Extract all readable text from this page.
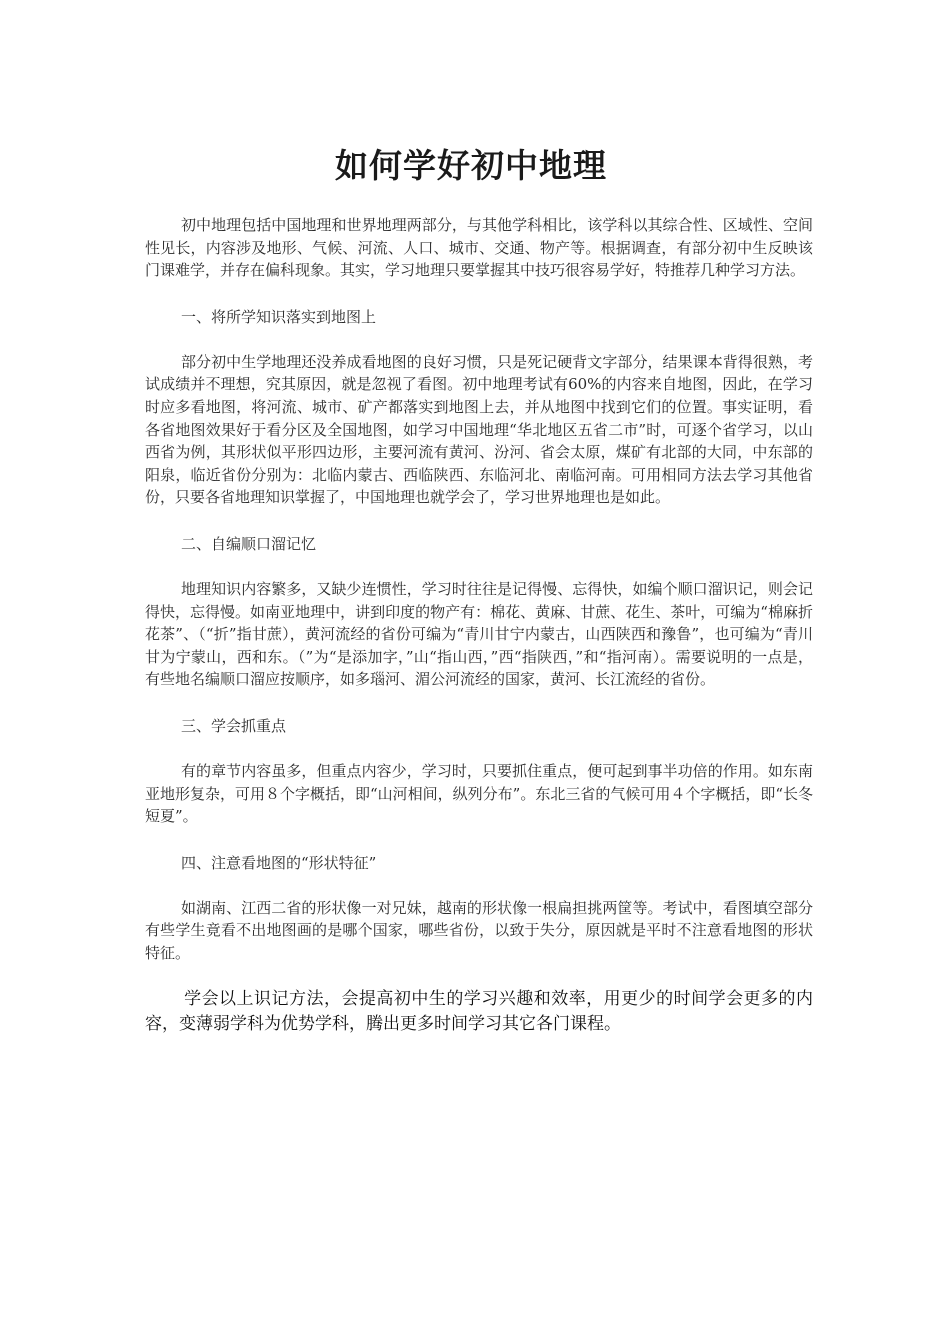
如何学好初中地理

初中地理包括中国地理和世界地理两部分，与其他学科相比，该学科以其综合性、区域性、空间性见长，内容涉及地形、气候、河流、人口、城市、交通、物产等。根据调查，有部分初中生反映该门课难学，并存在偏科现象。其实，学习地理只要掌握其中技巧很容易学好，特推荐几种学习方法。

一、将所学知识落实到地图上

部分初中生学地理还没养成看地图的良好习惯，只是死记硬背文字部分，结果课本背得很熟，考试成绩并不理想，究其原因，就是忽视了看图。初中地理考试有60%的内容来自地图，因此，在学习时应多看地图，将河流、城市、矿产都落实到地图上去，并从地图中找到它们的位置。事实证明，看各省地图效果好于看分区及全国地图，如学习中国地理“华北地区五省二市”时，可逐个省学习，以山西省为例，其形状似平形四边形，主要河流有黄河、汾河、省会太原，煤矿有北部的大同，中东部的阳泉，临近省份分别为：北临内蒙古、西临陕西、东临河北、南临河南。可用相同方法去学习其他省份，只要各省地理知识掌握了，中国地理也就学会了，学习世界地理也是如此。

二、自编顺口溜记忆

地理知识内容繁多，又缺少连惯性，学习时往往是记得慢、忘得快，如编个顺口溜识记，则会记得快，忘得慢。如南亚地理中，讲到印度的物产有：棉花、黄麻、甘蔗、花生、茶叶，可编为“棉麻折花茶”、（“折”指甘蔗），黄河流经的省份可编为“青川甘宁内蒙古，山西陕西和豫鲁”，也可编为“青川甘为宁蒙山，西和东。（”为“是添加字，”山“指山西，”西“指陕西，”和“指河南）。需要说明的一点是，有些地名编顺口溜应按顺序，如多瑙河、湄公河流经的国家，黄河、长江流经的省份。

三、学会抓重点

有的章节内容虽多，但重点内容少，学习时，只要抓住重点，便可起到事半功倍的作用。如东南亚地形复杂，可用８个字概括，即“山河相间，纵列分布”。东北三省的气候可用４个字概括，即“长冬短夏”。

四、注意看地图的“形状特征”

如湖南、江西二省的形状像一对兄妹，越南的形状像一根扁担挑两筐等。考试中，看图填空部分有些学生竟看不出地图画的是哪个国家，哪些省份，以致于失分，原因就是平时不注意看地图的形状特征。

学会以上识记方法，会提高初中生的学习兴趣和效率，用更少的时间学会更多的内容，变薄弱学科为优势学科，腾出更多时间学习其它各门课程。
